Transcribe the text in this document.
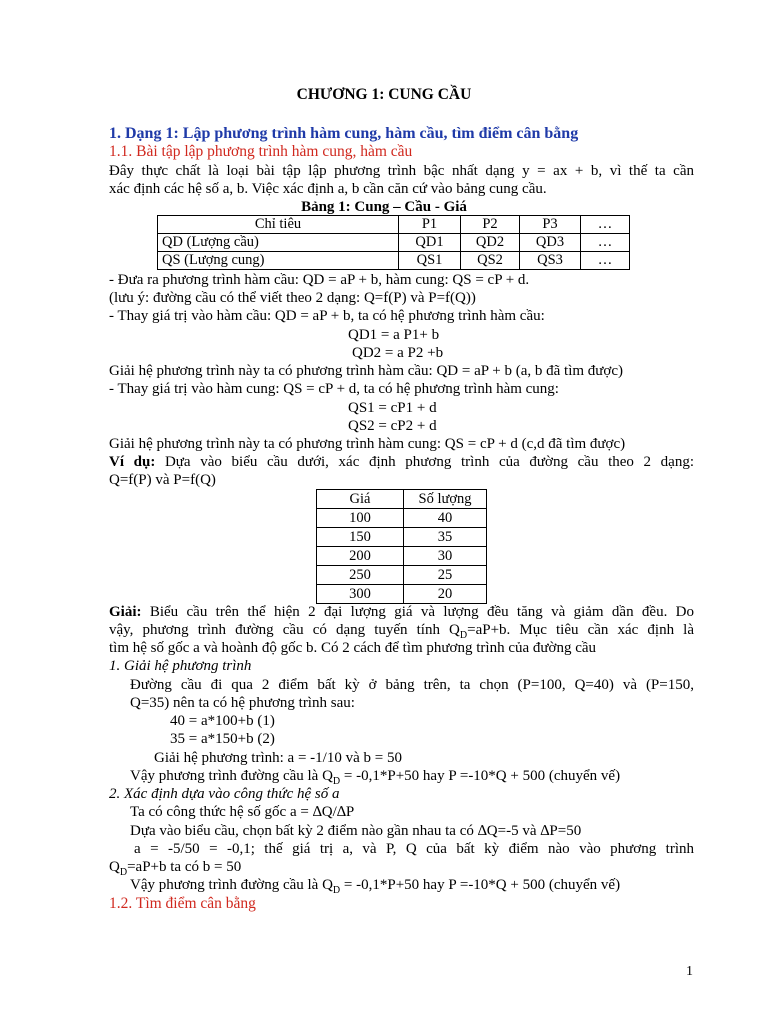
CHƯƠNG 1: CUNG CẦU
1. Dạng 1: Lập phương trình hàm cung, hàm cầu, tìm điểm cân bằng
1.1. Bài tập lập phương trình hàm cung, hàm cầu
Đây thực chất là loại bài tập lập phương trình bậc nhất dạng y = ax + b, vì thế ta cần
xác định các hệ số a, b. Việc xác định a, b cần căn cứ vào bảng cung cầu.
Bảng 1: Cung – Cầu - Giá
Chỉ tiêu	P1	P2	P3	…
QD (Lượng cầu)	QD1	QD2	QD3	…
QS (Lượng cung)	QS1	QS2	QS3	…
- Đưa ra phương trình hàm cầu: QD = aP + b, hàm cung: QS = cP + d.
(lưu ý: đường cầu có thể viết theo 2 dạng: Q=f(P) và P=f(Q))
- Thay giá trị vào hàm cầu: QD = aP + b, ta có hệ phương trình hàm cầu:
QD1 = a P1+ b
QD2 = a P2 +b
Giải hệ phương trình này ta có phương trình hàm cầu: QD = aP + b (a, b đã tìm được)
- Thay giá trị vào hàm cung: QS = cP + d, ta có hệ phương trình hàm cung:
QS1 = cP1 + d
QS2 = cP2 + d
Giải hệ phương trình này ta có phương trình hàm cung: QS = cP + d (c,d đã tìm được)
Ví dụ: Dựa vào biểu cầu dưới, xác định phương trình của đường cầu theo 2 dạng:
Q=f(P) và P=f(Q)
Giá	Số lượng
100	40
150	35
200	30
250	25
300	20
Giải: Biểu cầu trên thể hiện 2 đại lượng giá và lượng đều tăng và giảm dần đều. Do
vậy, phương trình đường cầu có dạng tuyến tính $Q_D=aP+b$. Mục tiêu cần xác định là
tìm hệ số gốc a và hoành độ gốc b. Có 2 cách để tìm phương trình của đường cầu
1. Giải hệ phương trình
Đường cầu đi qua 2 điểm bất kỳ ở bảng trên, ta chọn (P=100, Q=40) và (P=150,
Q=35) nên ta có hệ phương trình sau:
40 = a*100+b (1)
35 = a*150+b (2)
Giải hệ phương trình: a = -1/10 và b = 50
Vậy phương trình đường cầu là $Q_D = -0,1*P+50$ hay P =-10*Q + 500 (chuyển vế)
2. Xác định dựa vào công thức hệ số a
Ta có công thức hệ số gốc a = ∆Q/∆P
Dựa vào biểu cầu, chọn bất kỳ 2 điểm nào gần nhau ta có ∆Q=-5 và ∆P=50
a = -5/50 = -0,1; thế giá trị a, và P, Q của bất kỳ điểm nào vào phương trình
$Q_D=aP+b$ ta có b = 50
Vậy phương trình đường cầu là $Q_D = -0,1*P+50$ hay P =-10*Q + 500 (chuyển vế)
1.2. Tìm điểm cân bằng
1
